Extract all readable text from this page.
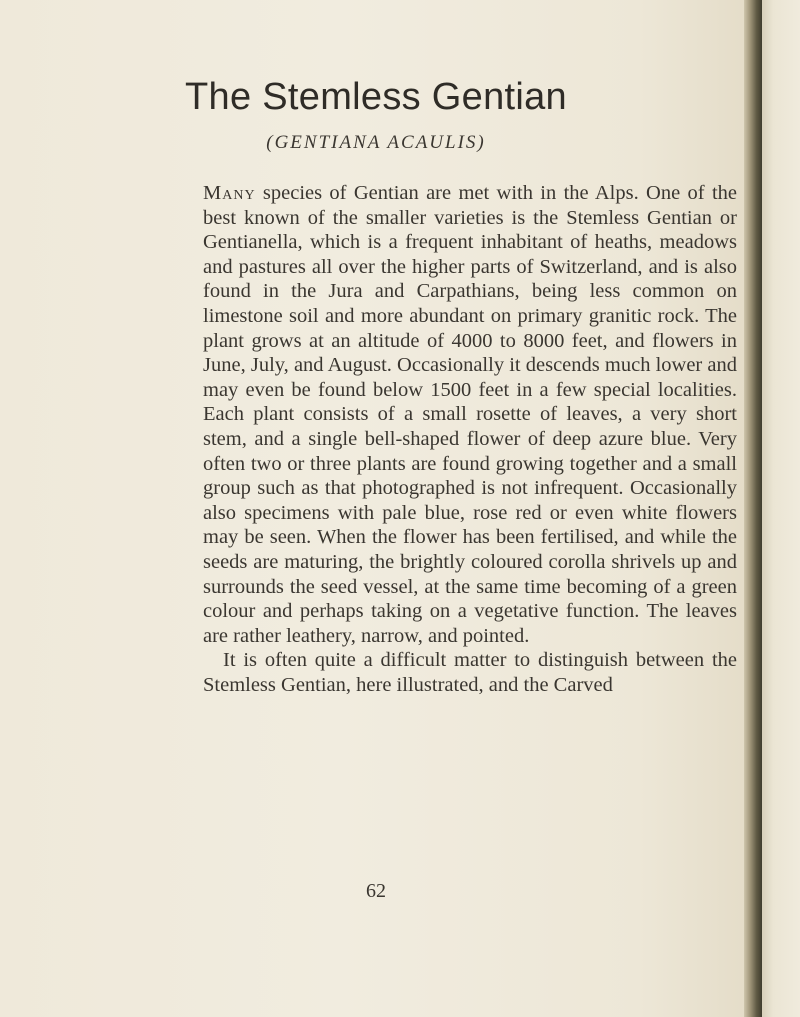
The Stemless Gentian
(GENTIANA ACAULIS)

Many species of Gentian are met with in the Alps. One of the best known of the smaller varieties is the Stemless Gentian or Gentianella, which is a frequent inhabitant of heaths, meadows and pastures all over the higher parts of Switzerland, and is also found in the Jura and Carpathians, being less common on limestone soil and more abundant on primary granitic rock. The plant grows at an altitude of 4000 to 8000 feet, and flowers in June, July, and August. Occasionally it descends much lower and may even be found below 1500 feet in a few special localities. Each plant consists of a small rosette of leaves, a very short stem, and a single bell-shaped flower of deep azure blue. Very often two or three plants are found growing together and a small group such as that photographed is not infrequent. Occasionally also specimens with pale blue, rose red or even white flowers may be seen. When the flower has been fertilised, and while the seeds are maturing, the brightly coloured corolla shrivels up and surrounds the seed vessel, at the same time becoming of a green colour and perhaps taking on a vegetative function. The leaves are rather leathery, narrow, and pointed.

It is often quite a difficult matter to distinguish between the Stemless Gentian, here illustrated, and the Carved

62
